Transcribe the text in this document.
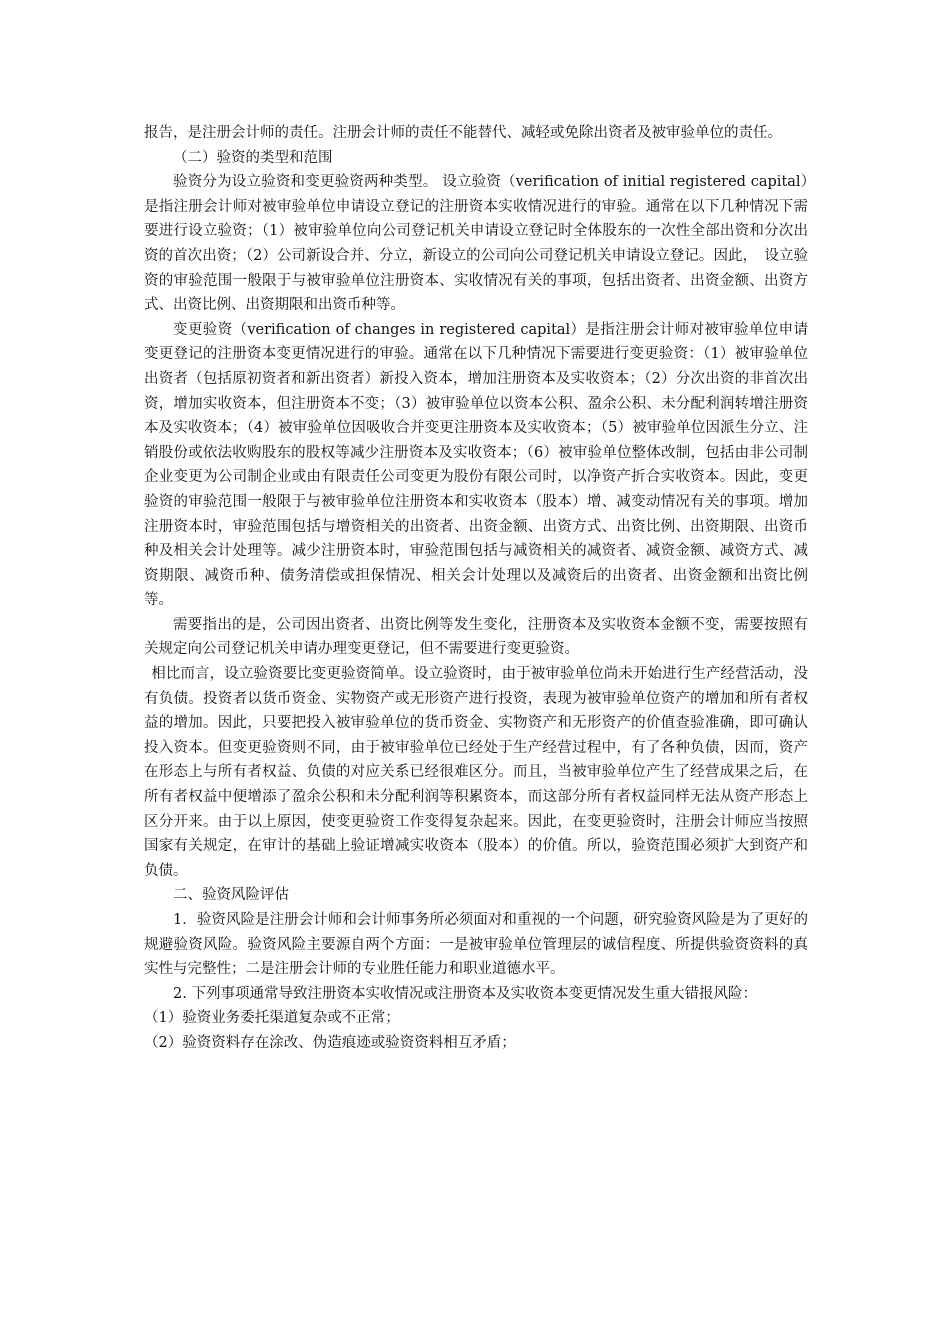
报告，是注册会计师的责任。注册会计师的责任不能替代、减轻或免除出资者及被审验单位的责任。

（二）验资的类型和范围

验资分为设立验资和变更验资两种类型。 设立验资（verification of initial registered capital）是指注册会计师对被审验单位申请设立登记的注册资本实收情况进行的审验。通常在以下几种情况下需要进行设立验资；（1）被审验单位向公司登记机关申请设立登记时全体股东的一次性全部出资和分次出资的首次出资；（2）公司新设合并、分立，新设立的公司向公司登记机关申请设立登记。因此，　设立验资的审验范围一般限于与被审验单位注册资本、实收情况有关的事项，包括出资者、出资金额、出资方式、出资比例、出资期限和出资币种等。

变更验资（verification of changes in registered capital）是指注册会计师对被审验单位申请变更登记的注册资本变更情况进行的审验。通常在以下几种情况下需要进行变更验资：（1）被审验单位出资者（包括原初资者和新出资者）新投入资本，增加注册资本及实收资本；（2）分次出资的非首次出资，增加实收资本，但注册资本不变；（3）被审验单位以资本公积、盈余公积、未分配利润转增注册资本及实收资本；（4）被审验单位因吸收合并变更注册资本及实收资本；（5）被审验单位因派生分立、注销股份或依法收购股东的股权等减少注册资本及实收资本；（6）被审验单位整体改制，包括由非公司制企业变更为公司制企业或由有限责任公司变更为股份有限公司时，以净资产折合实收资本。因此，变更验资的审验范围一般限于与被审验单位注册资本和实收资本（股本）增、减变动情况有关的事项。增加注册资本时，审验范围包括与增资相关的出资者、出资金额、出资方式、出资比例、出资期限、出资币种及相关会计处理等。减少注册资本时，审验范围包括与减资相关的减资者、减资金额、减资方式、减资期限、减资币种、债务清偿或担保情况、相关会计处理以及减资后的出资者、出资金额和出资比例等。

需要指出的是，公司因出资者、出资比例等发生变化，注册资本及实收资本金额不变，需要按照有关规定向公司登记机关申请办理变更登记，但不需要进行变更验资。

相比而言，设立验资要比变更验资简单。设立验资时，由于被审验单位尚未开始进行生产经营活动，没有负债。投资者以货币资金、实物资产或无形资产进行投资，表现为被审验单位资产的增加和所有者权益的增加。因此，只要把投入被审验单位的货币资金、实物资产和无形资产的价值查验准确，即可确认投入资本。但变更验资则不同，由于被审验单位已经处于生产经营过程中，有了各种负债，因而，资产在形态上与所有者权益、负债的对应关系已经很难区分。而且，当被审验单位产生了经营成果之后，在所有者权益中便增添了盈余公积和未分配利润等积累资本，而这部分所有者权益同样无法从资产形态上区分开来。由于以上原因，使变更验资工作变得复杂起来。因此，在变更验资时，注册会计师应当按照国家有关规定，在审计的基础上验证增减实收资本（股本）的价值。所以，验资范围必须扩大到资产和负债。

二、验资风险评估

1．验资风险是注册会计师和会计师事务所必须面对和重视的一个问题，研究验资风险是为了更好的规避验资风险。验资风险主要源自两个方面：一是被审验单位管理层的诚信程度、所提供验资资料的真实性与完整性；二是注册会计师的专业胜任能力和职业道德水平。

2. 下列事项通常导致注册资本实收情况或注册资本及实收资本变更情况发生重大错报风险：

（1）验资业务委托渠道复杂或不正常；

（2）验资资料存在涂改、伪造痕迹或验资资料相互矛盾；
